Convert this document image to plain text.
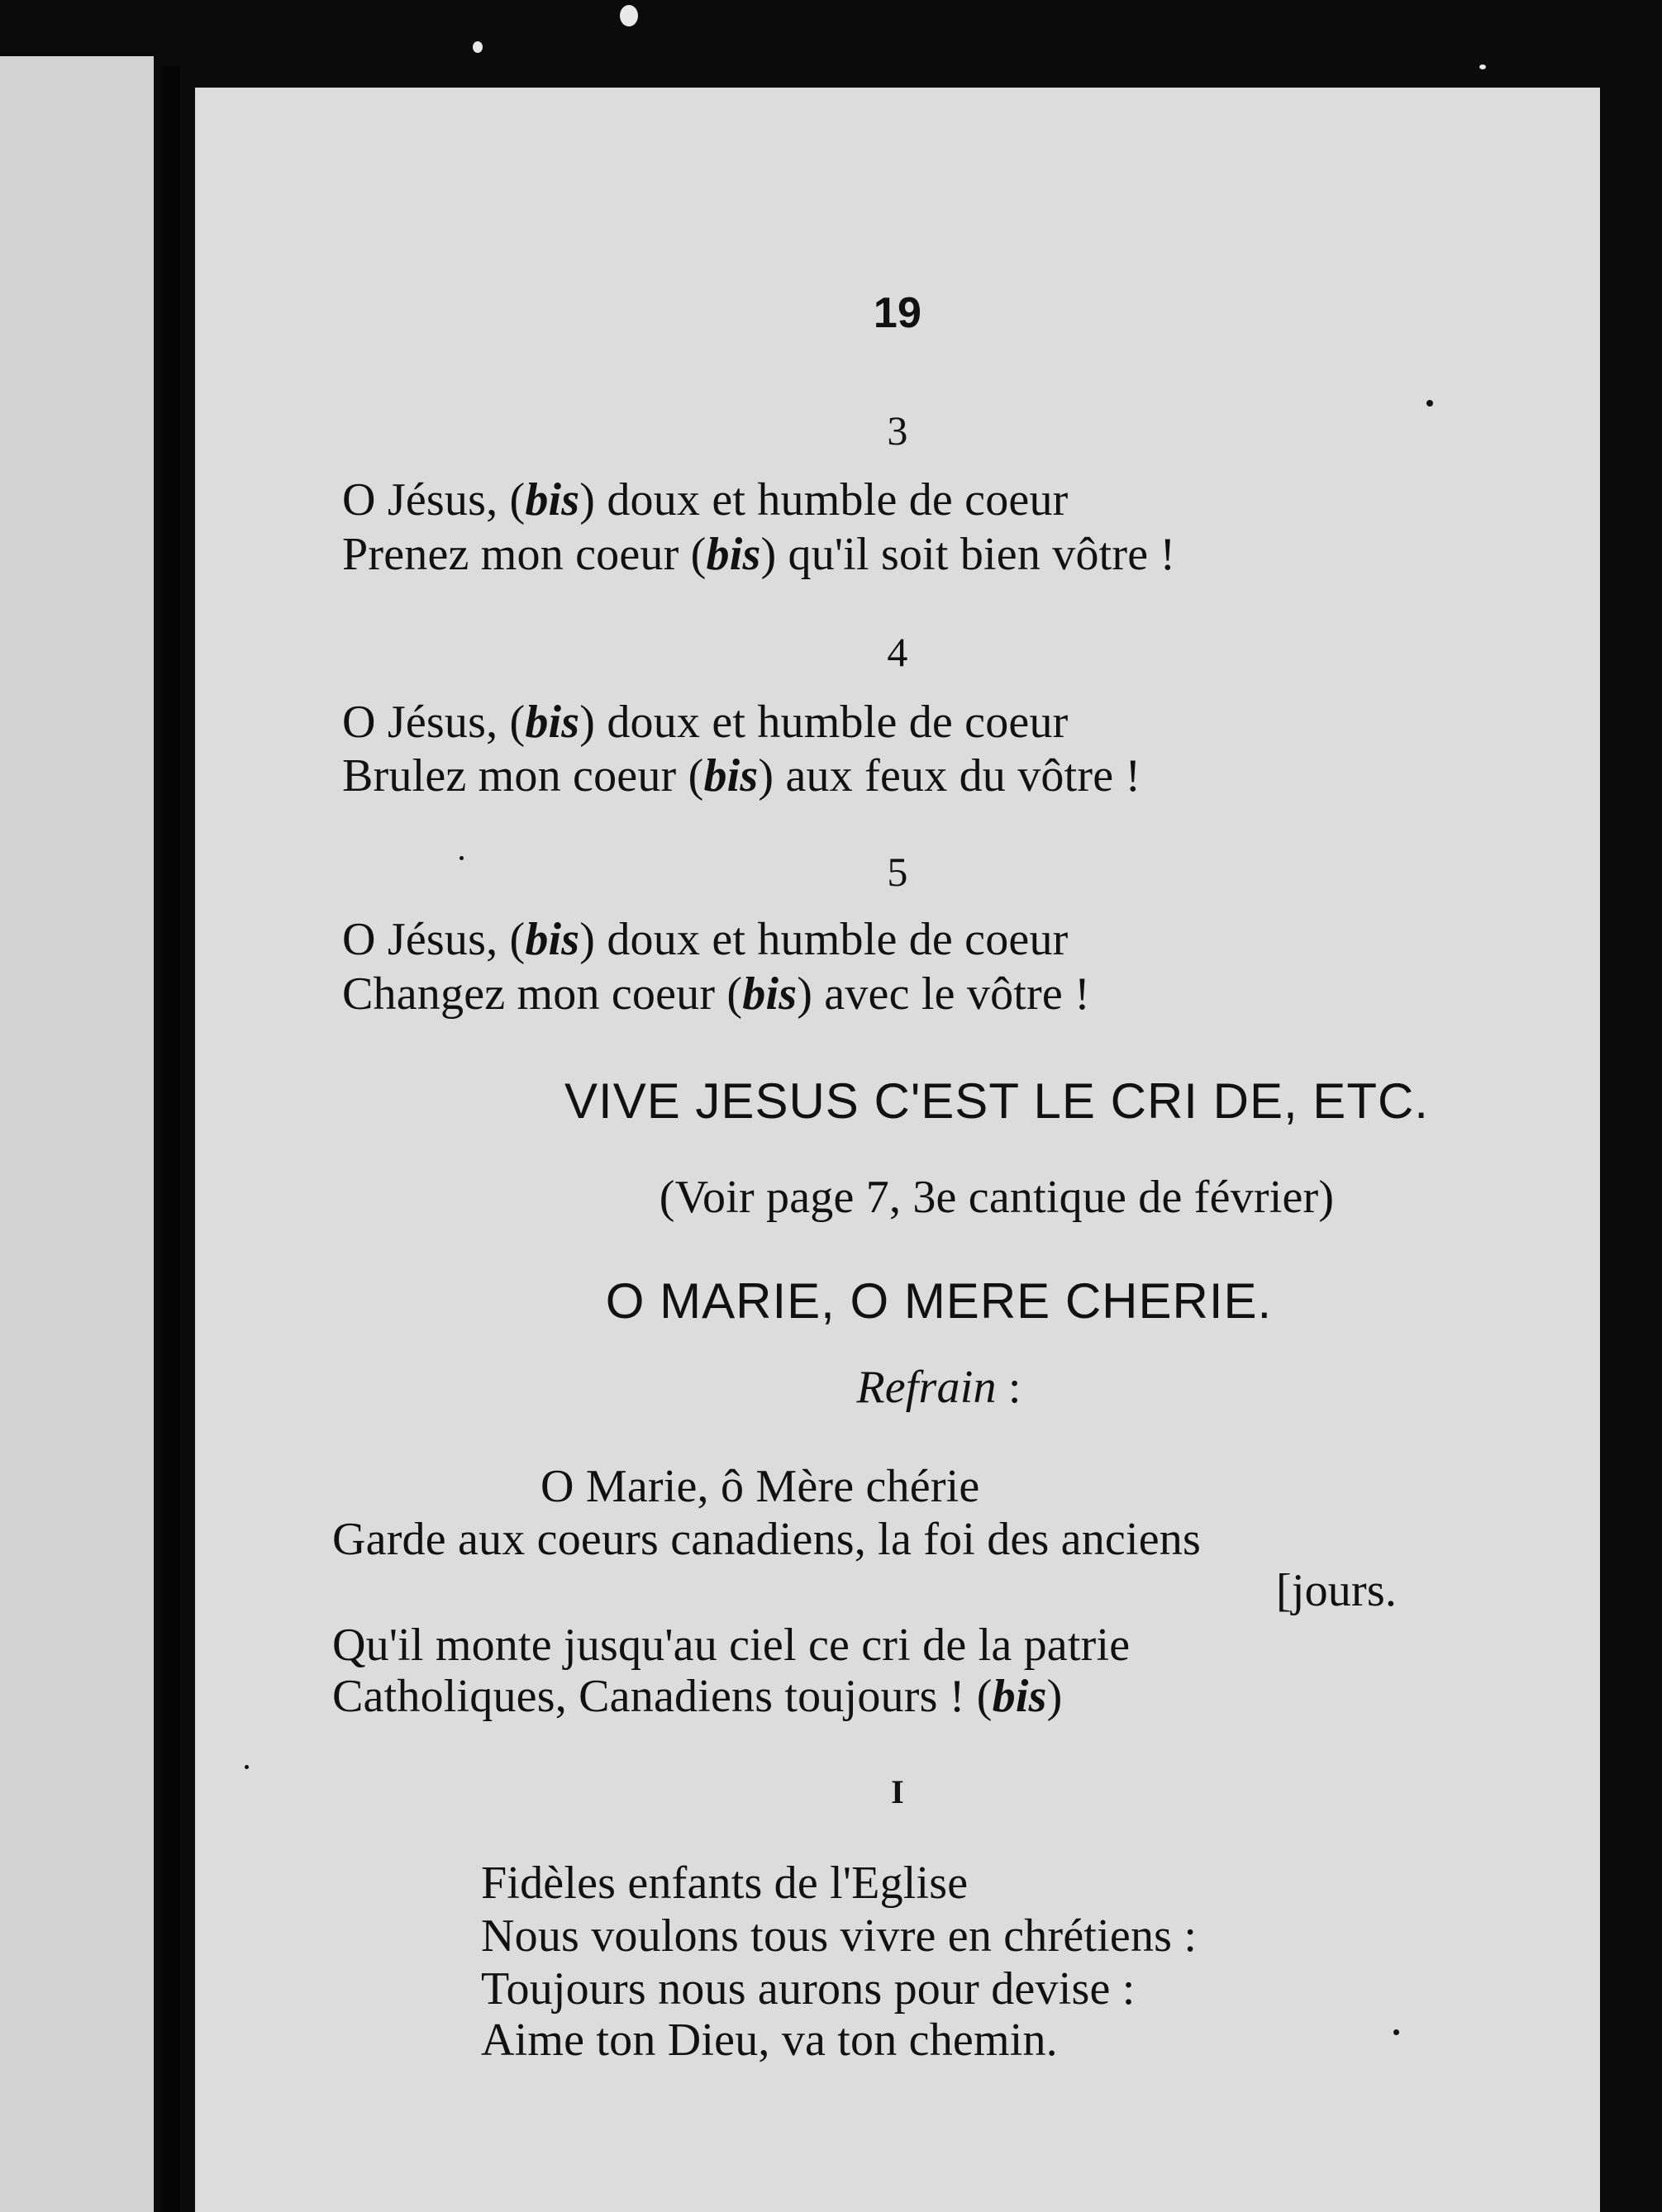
19
3
O Jésus, (bis) doux et humble de coeur
Prenez mon coeur (bis) qu'il soit bien vôtre !
4
O Jésus, (bis) doux et humble de coeur
Brulez mon coeur (bis) aux feux du vôtre !
5
O Jésus, (bis) doux et humble de coeur
Changez mon coeur (bis) avec le vôtre !
VIVE JESUS C'EST LE CRI DE, ETC.
(Voir page 7, 3e cantique de février)
O MARIE, O MERE CHERIE.
Refrain :
O Marie, ô Mère chérie
Garde aux coeurs canadiens, la foi des anciens
[jours.
Qu'il monte jusqu'au ciel ce cri de la patrie
Catholiques, Canadiens toujours ! (bis)
I
Fidèles enfants de l'Eglise
Nous voulons tous vivre en chrétiens :
Toujours nous aurons pour devise :
Aime ton Dieu, va ton chemin.
